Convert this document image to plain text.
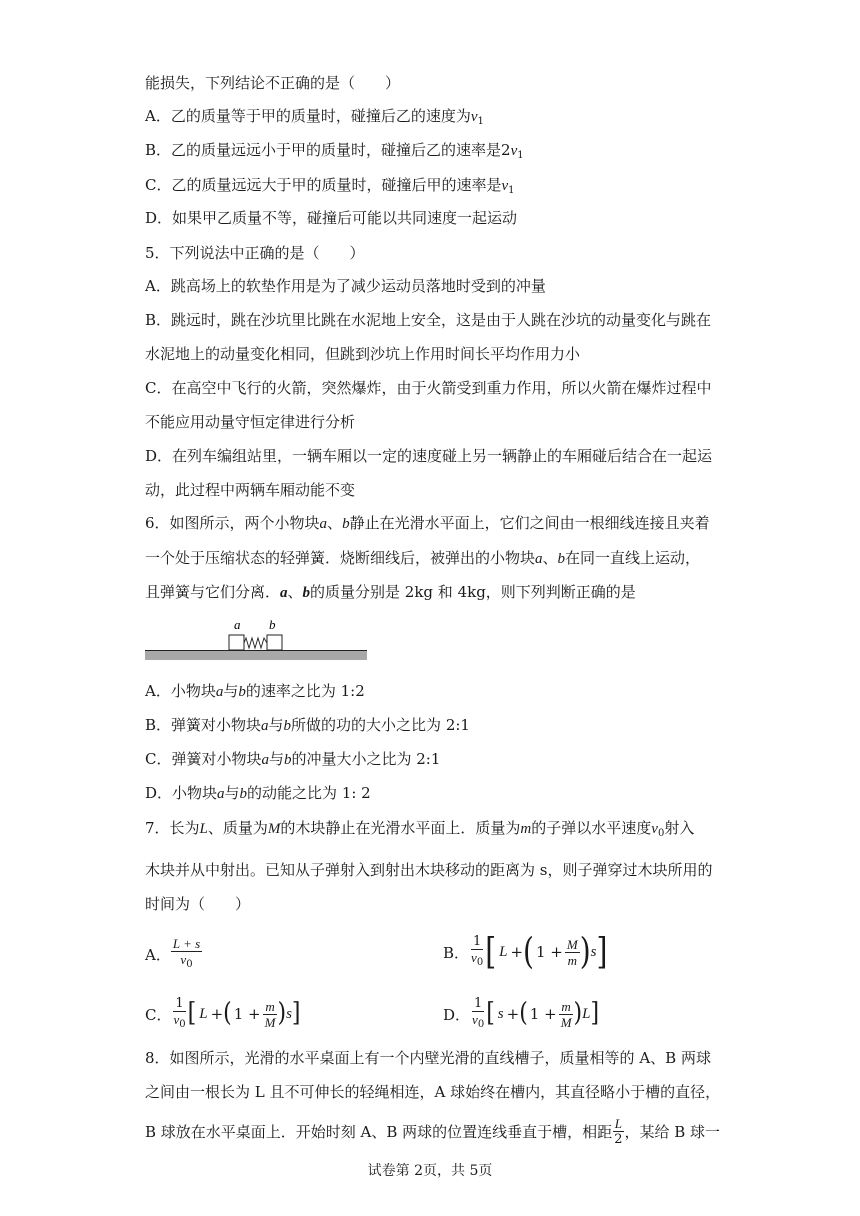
能损失，下列结论不正确的是（　　）
A．乙的质量等于甲的质量时，碰撞后乙的速度为$v_1$
B．乙的质量远远小于甲的质量时，碰撞后乙的速率是$2v_1$
C．乙的质量远远大于甲的质量时，碰撞后甲的速率是$v_1$
D．如果甲乙质量不等，碰撞后可能以共同速度一起运动
5．下列说法中正确的是（　　）
A．跳高场上的软垫作用是为了减少运动员落地时受到的冲量
B．跳远时，跳在沙坑里比跳在水泥地上安全，这是由于人跳在沙坑的动量变化与跳在
水泥地上的动量变化相同，但跳到沙坑上作用时间长平均作用力小
C．在高空中飞行的火箭，突然爆炸，由于火箭受到重力作用，所以火箭在爆炸过程中
不能应用动量守恒定律进行分析
D．在列车编组站里，一辆车厢以一定的速度碰上另一辆静止的车厢碰后结合在一起运
动，此过程中两辆车厢动能不变
6．如图所示，两个小物块a、b静止在光滑水平面上，它们之间由一根细线连接且夹着
一个处于压缩状态的轻弹簧．烧断细线后，被弹出的小物块a、b在同一直线上运动，
且弹簧与它们分离．a、b的质量分别是 2kg 和 4kg，则下列判断正确的是
a b
A．小物块a与b的速率之比为 1:2
B．弹簧对小物块a与b所做的功的大小之比为 2:1
C．弹簧对小物块a与b的冲量大小之比为 2:1
D．小物块a与b的动能之比为 1: 2
7．长为L、质量为M的木块静止在光滑水平面上．质量为m的子弹以水平速度$v_0$射入
木块并从中射出。已知从子弹射入到射出木块移动的距离为 s，则子弹穿过木块所用的
时间为（　　）
A． $\frac{L + s}{v_0}$	B． $\frac{1}{v_0}$ [ L + ( $1 + \frac{M}{m}$ ) s ]
C． $\frac{1}{v_0}$ [ L + ( $1 + \frac{m}{M}$ ) s ]	D． $\frac{1}{v_0}$ [ s + ( $1 + \frac{m}{M}$ ) L ]
8．如图所示，光滑的水平桌面上有一个内壁光滑的直线槽子，质量相等的 A、B 两球
之间由一根长为 L 且不可伸长的轻绳相连，A 球始终在槽内，其直径略小于槽的直径，
B 球放在水平桌面上．开始时刻 A、B 两球的位置连线垂直于槽，相距 $\frac{L}{2}$ ，某给 B 球一
试卷第 2页，共 5页
